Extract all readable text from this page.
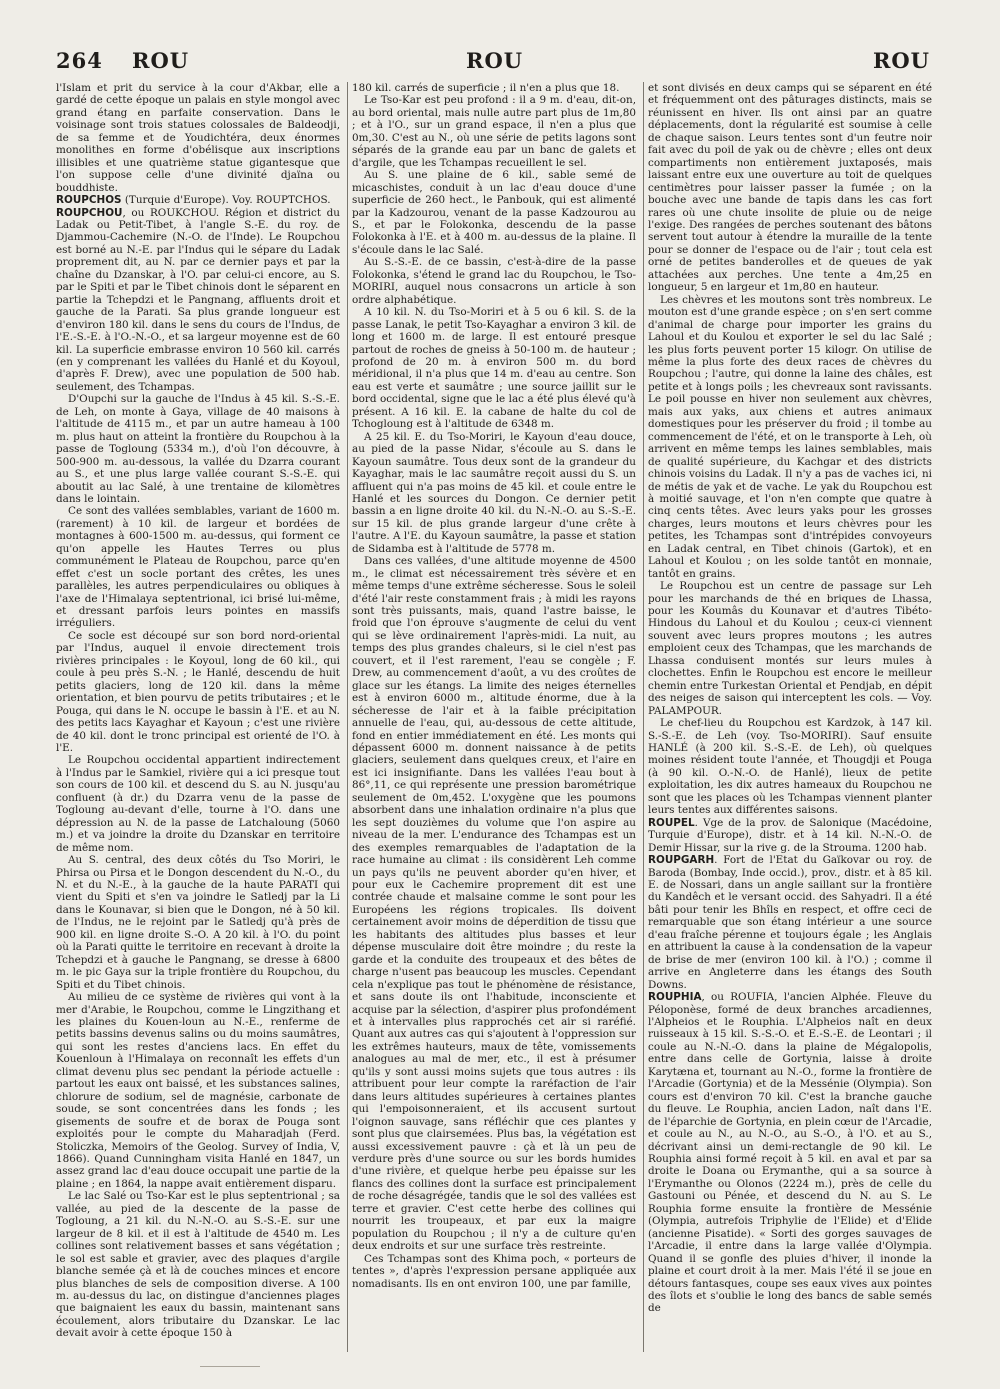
264 ROU	ROU	ROU

l'Islam et prit du service à la cour d'Akbar, elle a gardé de cette époque un palais en style mongol avec grand étang en parfaite conservation. Dans le voisinage sont trois statues colossales de Baldeodji, de sa femme et de Youdichtéra, deux énormes monolithes en forme d'obélisque aux inscriptions illisibles et une quatrième statue gigantesque que l'on suppose celle d'une divinité djaïna ou bouddhiste.

ROUPCHOS (Turquie d'Europe). Voy. ROUPTCHOS.

ROUPCHOU, ou ROUKCHOU. Région et district du Ladak ou Petit-Tibet, à l'angle S.-E. du roy. de Djammou-Cachemire (N.-O. de l'Inde). Le Roupchou est borné au N.-E. par l'Indus qui le sépare du Ladak proprement dit, au N. par ce dernier pays et par la chaîne du Dzanskar, à l'O. par celui-ci encore, au S. par le Spiti et par le Tibet chinois dont le séparent en partie la Tchepdzi et le Pangnang, affluents droit et gauche de la Parati. Sa plus grande longueur est d'environ 180 kil. dans le sens du cours de l'Indus, de l'E.-S.-E. à l'O.-N.-O., et sa largeur moyenne est de 60 kil. La superficie embrasse environ 10 560 kil. carrés (en y comprenant les vallées du Hanlé et du Koyoul, d'après F. Drew), avec une population de 500 hab. seulement, des Tchampas.

D'Oupchi sur la gauche de l'Indus à 45 kil. S.-S.-E. de Leh, on monte à Gaya, village de 40 maisons à l'altitude de 4115 m., et par un autre hameau à 100 m. plus haut on atteint la frontière du Roupchou à la passe de Togloung (5334 m.), d'où l'on découvre, à 500-900 m. au-dessous, la vallée du Dzarra courant au S., et une plus large vallée courant S.-S.-E. qui aboutit au lac Salé, à une trentaine de kilomètres dans le lointain.

Ce sont des vallées semblables, variant de 1600 m. (rarement) à 10 kil. de largeur et bordées de montagnes à 600-1500 m. au-dessus, qui forment ce qu'on appelle les Hautes Terres ou plus communément le Plateau de Roupchou, parce qu'en effet c'est un socle portant des crêtes, les unes parallèles, les autres perpendiculaires ou obliques à l'axe de l'Himalaya septentrional, ici brisé lui-même, et dressant parfois leurs pointes en massifs irréguliers.

Ce socle est découpé sur son bord nord-oriental par l'Indus, auquel il envoie directement trois rivières principales : le Koyoul, long de 60 kil., qui coule à peu près S.-N. ; le Hanlé, descendu de huit petits glaciers, long de 120 kil. dans la même orientation, et bien pourvu de petits tributaires ; et le Pouga, qui dans le N. occupe le bassin à l'E. et au N. des petits lacs Kayaghar et Kayoun ; c'est une rivière de 40 kil. dont le tronc principal est orienté de l'O. à l'E.

Le Roupchou occidental appartient indirectement à l'Indus par le Samkiel, rivière qui a ici presque tout son cours de 100 kil. et descend du S. au N. jusqu'au confluent (à dr.) du Dzarra venu de la passe de Togloung au-devant d'elle, tourne à l'O. dans une dépression au N. de la passe de Latchaloung (5060 m.) et va joindre la droite du Dzanskar en territoire de même nom.

Au S. central, des deux côtés du Tso Moriri, le Phirsa ou Pirsa et le Dongon descendent du N.-O., du N. et du N.-E., à la gauche de la haute PARATI qui vient du Spiti et s'en va joindre le Satledj par la Li dans le Kounavar, si bien que le Dongon, né à 50 kil. de l'Indus, ne le rejoint par le Satledj qu'à près de 900 kil. en ligne droite S.-O. A 20 kil. à l'O. du point où la Parati quitte le territoire en recevant à droite la Tchepdzi et à gauche le Pangnang, se dresse à 6800 m. le pic Gaya sur la triple frontière du Roupchou, du Spiti et du Tibet chinois.

Au milieu de ce système de rivières qui vont à la mer d'Arabie, le Roupchou, comme le Lingzithang et les plaines du Kouen-loun au N.-E., renferme de petits bassins devenus salins ou du moins saumâtres, qui sont les restes d'anciens lacs. En effet du Kouenloun à l'Himalaya on reconnaît les effets d'un climat devenu plus sec pendant la période actuelle : partout les eaux ont baissé, et les substances salines, chlorure de sodium, sel de magnésie, carbonate de soude, se sont concentrées dans les fonds ; les gisements de soufre et de borax de Pouga sont exploités pour le compte du Maharadjah (Ferd. Stoliczka, Memoirs of the Geolog. Survey of India, V, 1866). Quand Cunningham visita Hanlé en 1847, un assez grand lac d'eau douce occupait une partie de la plaine ; en 1864, la nappe avait entièrement disparu.

Le lac Salé ou Tso-Kar est le plus septentrional ; sa vallée, au pied de la descente de la passe de Togloung, a 21 kil. du N.-N.-O. au S.-S.-E. sur une largeur de 8 kil. et il est à l'altitude de 4540 m. Les collines sont relativement basses et sans végétation ; le sol est sable et gravier, avec des plaques d'argile blanche semée çà et là de couches minces et encore plus blanches de sels de composition diverse. A 100 m. au-dessus du lac, on distingue d'anciennes plages que baignaient les eaux du bassin, maintenant sans écoulement, alors tributaire du Dzanskar. Le lac devait avoir à cette époque 150 à

180 kil. carrés de superficie ; il n'en a plus que 18.

Le Tso-Kar est peu profond : il a 9 m. d'eau, dit-on, au bord oriental, mais nulle autre part plus de 1m,80 ; et à l'O., sur un grand espace, il n'en a plus que 0m,30. C'est au N., où une série de petits lagons sont séparés de la grande eau par un banc de galets et d'argile, que les Tchampas recueillent le sel.

Au S. une plaine de 6 kil., sable semé de micaschistes, conduit à un lac d'eau douce d'une superficie de 260 hect., le Panbouk, qui est alimenté par la Kadzourou, venant de la passe Kadzourou au S., et par le Folokonka, descendu de la passe Folokonka à l'E. et à 400 m. au-dessus de la plaine. Il s'écoule dans le lac Salé.

Au S.-S.-E. de ce bassin, c'est-à-dire de la passe Folokonka, s'étend le grand lac du Roupchou, le Tso-MORIRI, auquel nous consacrons un article à son ordre alphabétique.

A 10 kil. N. du Tso-Moriri et à 5 ou 6 kil. S. de la passe Lanak, le petit Tso-Kayaghar a environ 3 kil. de long et 1600 m. de large. Il est entouré presque partout de roches de gneiss à 50-100 m. de hauteur ; profond de 20 m. à environ 500 m. du bord méridional, il n'a plus que 14 m. d'eau au centre. Son eau est verte et saumâtre ; une source jaillit sur le bord occidental, signe que le lac a été plus élevé qu'à présent. A 16 kil. E. la cabane de halte du col de Tchogloung est à l'altitude de 6348 m.

A 25 kil. E. du Tso-Moriri, le Kayoun d'eau douce, au pied de la passe Nidar, s'écoule au S. dans le Kayoun saumâtre. Tous deux sont de la grandeur du Kayaghar, mais le lac saumâtre reçoit aussi du S. un affluent qui n'a pas moins de 45 kil. et coule entre le Hanlé et les sources du Dongon. Ce dernier petit bassin a en ligne droite 40 kil. du N.-N.-O. au S.-S.-E. sur 15 kil. de plus grande largeur d'une crête à l'autre. A l'E. du Kayoun saumâtre, la passe et station de Sidamba est à l'altitude de 5778 m.

Dans ces vallées, d'une altitude moyenne de 4500 m., le climat est nécessairement très sévère et en même temps d'une extrême sécheresse. Sous le soleil d'été l'air reste constamment frais ; à midi les rayons sont très puissants, mais, quand l'astre baisse, le froid que l'on éprouve s'augmente de celui du vent qui se lève ordinairement l'après-midi. La nuit, au temps des plus grandes chaleurs, si le ciel n'est pas couvert, et il l'est rarement, l'eau se congèle ; F. Drew, au commencement d'août, a vu des croûtes de glace sur les étangs. La limite des neiges éternelles est à environ 6000 m., altitude énorme, due à la sécheresse de l'air et à la faible précipitation annuelle de l'eau, qui, au-dessous de cette altitude, fond en entier immédiatement en été. Les monts qui dépassent 6000 m. donnent naissance à de petits glaciers, seulement dans quelques creux, et l'aire en est ici insignifiante. Dans les vallées l'eau bout à 86°,11, ce qui représente une pression barométrique seulement de 0m,452. L'oxygène que les poumons absorbent dans une inhalation ordinaire n'a plus que les sept douzièmes du volume que l'on aspire au niveau de la mer. L'endurance des Tchampas est un des exemples remarquables de l'adaptation de la race humaine au climat : ils considèrent Leh comme un pays qu'ils ne peuvent aborder qu'en hiver, et pour eux le Cachemire proprement dit est une contrée chaude et malsaine comme le sont pour les Européens les régions tropicales. Ils doivent certainement avoir moins de déperdition de tissu que les habitants des altitudes plus basses et leur dépense musculaire doit être moindre ; du reste la garde et la conduite des troupeaux et des bêtes de charge n'usent pas beaucoup les muscles. Cependant cela n'explique pas tout le phénomène de résistance, et sans doute ils ont l'habitude, inconsciente et acquise par la sélection, d'aspirer plus profondément et à intervalles plus rapprochés cet air si raréfié. Quant aux autres cas qui s'ajoutent à l'oppression sur les extrêmes hauteurs, maux de tête, vomissements analogues au mal de mer, etc., il est à présumer qu'ils y sont aussi moins sujets que tous autres : ils attribuent pour leur compte la raréfaction de l'air dans leurs altitudes supérieures à certaines plantes qui l'empoisonneraient, et ils accusent surtout l'oignon sauvage, sans réfléchir que ces plantes y sont plus que clairsemées. Plus bas, la végétation est aussi excessivement pauvre : çà et là un peu de verdure près d'une source ou sur les bords humides d'une rivière, et quelque herbe peu épaisse sur les flancs des collines dont la surface est principalement de roche désagrégée, tandis que le sol des vallées est terre et gravier. C'est cette herbe des collines qui nourrit les troupeaux, et par eux la maigre population du Roupchou ; il n'y a de culture qu'en deux endroits et sur une surface très restreinte.

Ces Tchampas sont des Khima poch, « porteurs de tentes », d'après l'expression persane appliquée aux nomadisants. Ils en ont environ 100, une par famille,

et sont divisés en deux camps qui se séparent en été et fréquemment ont des pâturages distincts, mais se réunissent en hiver. Ils ont ainsi par an quatre déplacements, dont la régularité est soumise à celle de chaque saison. Leurs tentes sont d'un feutre noir fait avec du poil de yak ou de chèvre ; elles ont deux compartiments non entièrement juxtaposés, mais laissant entre eux une ouverture au toit de quelques centimètres pour laisser passer la fumée ; on la bouche avec une bande de tapis dans les cas fort rares où une chute insolite de pluie ou de neige l'exige. Des rangées de perches soutenant des bâtons servent tout autour à étendre la muraille de la tente pour se donner de l'espace ou de l'air ; tout cela est orné de petites banderolles et de queues de yak attachées aux perches. Une tente a 4m,25 en longueur, 5 en largeur et 1m,80 en hauteur.

Les chèvres et les moutons sont très nombreux. Le mouton est d'une grande espèce ; on s'en sert comme d'animal de charge pour importer les grains du Lahoul et du Koulou et exporter le sel du lac Salé ; les plus forts peuvent porter 15 kilogr. On utilise de même la plus forte des deux races de chèvres du Roupchou ; l'autre, qui donne la laine des châles, est petite et à longs poils ; les chevreaux sont ravissants. Le poil pousse en hiver non seulement aux chèvres, mais aux yaks, aux chiens et autres animaux domestiques pour les préserver du froid ; il tombe au commencement de l'été, et on le transporte à Leh, où arrivent en même temps les laines semblables, mais de qualité supérieure, du Kachgar et des districts chinois voisins du Ladak. Il n'y a pas de vaches ici, ni de métis de yak et de vache. Le yak du Roupchou est à moitié sauvage, et l'on n'en compte que quatre à cinq cents têtes. Avec leurs yaks pour les grosses charges, leurs moutons et leurs chèvres pour les petites, les Tchampas sont d'intrépides convoyeurs en Ladak central, en Tibet chinois (Gartok), et en Lahoul et Koulou ; on les solde tantôt en monnaie, tantôt en grains.

Le Roupchou est un centre de passage sur Leh pour les marchands de thé en briques de Lhassa, pour les Koumâs du Kounavar et d'autres Tibéto-Hindous du Lahoul et du Koulou ; ceux-ci viennent souvent avec leurs propres moutons ; les autres emploient ceux des Tchampas, que les marchands de Lhassa conduisent montés sur leurs mules à clochettes. Enfin le Roupchou est encore le meilleur chemin entre Turkestan Oriental et Pendjab, en dépit des neiges de saison qui interceptent les cols. — Voy. PALAMPOUR.

Le chef-lieu du Roupchou est Kardzok, à 147 kil. S.-S.-E. de Leh (voy. Tso-MORIRI). Sauf ensuite HANLÉ (à 200 kil. S.-S.-E. de Leh), où quelques moines résident toute l'année, et Thougdji et Pouga (à 90 kil. O.-N.-O. de Hanlé), lieux de petite exploitation, les dix autres hameaux du Roupchou ne sont que les places où les Tchampas viennent planter leurs tentes aux différentes saisons.

ROUPEL. Vge de la prov. de Salonique (Macédoine, Turquie d'Europe), distr. et à 14 kil. N.-N.-O. de Demir Hissar, sur la rive g. de la Strouma. 1200 hab.

ROUPGARH. Fort de l'Etat du Gaïkovar ou roy. de Baroda (Bombay, Inde occid.), prov., distr. et à 85 kil. E. de Nossari, dans un angle saillant sur la frontière du Kandêch et le versant occid. des Sahyadri. Il a été bâti pour tenir les Bhîls en respect, et offre ceci de remarquable que son étang intérieur a une source d'eau fraîche pérenne et toujours égale ; les Anglais en attribuent la cause à la condensation de la vapeur de brise de mer (environ 100 kil. à l'O.) ; comme il arrive en Angleterre dans les étangs des South Downs.

ROUPHIA, ou ROUFIA, l'ancien Alphée. Fleuve du Péloponèse, formé de deux branches arcadiennes, l'Alpheios et le Rouphia. L'Alpheios naît en deux ruisseaux à 15 kil. S.-S.-O. et E.-S.-E. de Leontari ; il coule au N.-N.-O. dans la plaine de Mégalopolis, entre dans celle de Gortynia, laisse à droite Karytæna et, tournant au N.-O., forme la frontière de l'Arcadie (Gortynia) et de la Messénie (Olympia). Son cours est d'environ 70 kil. C'est la branche gauche du fleuve. Le Rouphia, ancien Ladon, naît dans l'E. de l'éparchie de Gortynia, en plein cœur de l'Arcadie, et coule au N., au N.-O., au S.-O., à l'O. et au S., décrivant ainsi un demi-rectangle de 90 kil. Le Rouphia ainsi formé reçoit à 5 kil. en aval et par sa droite le Doana ou Erymanthe, qui a sa source à l'Erymanthe ou Olonos (2224 m.), près de celle du Gastouni ou Pénée, et descend du N. au S. Le Rouphia forme ensuite la frontière de Messénie (Olympia, autrefois Triphylie de l'Elide) et d'Elide (ancienne Pisatide). « Sorti des gorges sauvages de l'Arcadie, il entre dans la large vallée d'Olympia. Quand il se gonfle des pluies d'hiver, il inonde la plaine et court droit à la mer. Mais l'été il se joue en détours fantasques, coupe ses eaux vives aux pointes des îlots et s'oublie le long des bancs de sable semés de
